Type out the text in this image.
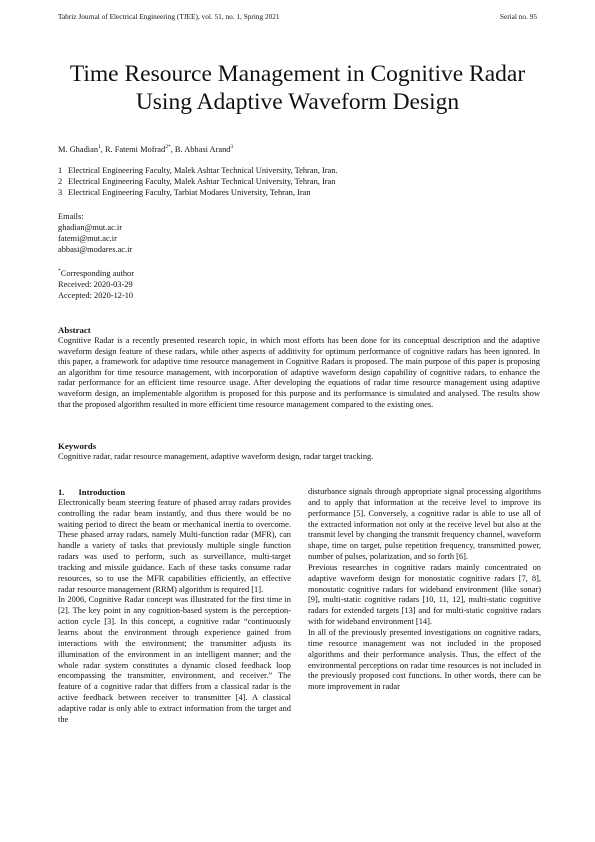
Tabriz Journal of Electrical Engineering (TJEE), vol. 51, no. 1, Spring 2021	Serial no. 95
Time Resource Management in Cognitive Radar
Using Adaptive Waveform Design
M. Ghadian$^1$, R. Fatemi Mofrad$^{2*}$, B. Abbasi Arand$^3$
1 Electrical Engineering Faculty, Malek Ashtar Technical University, Tehran, Iran.
2 Electrical Engineering Faculty, Malek Ashtar Technical University, Tehran, Iran
3 Electrical Engineering Faculty, Tarbiat Modares University, Tehran, Iran
Emails:
ghadian@mut.ac.ir
fatemi@mut.ac.ir
abbasi@modares.ac.ir
*Corresponding author
Received: 2020-03-29
Accepted: 2020-12-10
Abstract
Cognitive Radar is a recently presented research topic, in which most efforts has been done for its conceptual description and the adaptive waveform design feature of these radars, while other aspects of additivity for optimum performance of cognitive radars has been ignored. In this paper, a framework for adaptive time resource management in Cognitive Radars is proposed. The main purpose of this paper is proposing an algorithm for time resource management, with incorporation of adaptive waveform design capability of cognitive radars, to enhance the radar performance for an efficient time resource usage. After developing the equations of radar time resource management using adaptive waveform design, an implementable algorithm is proposed for this purpose and its performance is simulated and analysed. The results show that the proposed algorithm resulted in more efficient time resource management compared to the existing ones.
Keywords
Cognitive radar, radar resource management, adaptive waveform design, radar target tracking.
1. Introduction

Electronically beam steering feature of phased array radars provides controlling the radar beam instantly, and thus there would be no waiting period to direct the beam or mechanical inertia to overcome. These phased array radars, namely Multi-function radar (MFR), can handle a variety of tasks that previously multiple single function radars was used to perform, such as surveillance, multi-target tracking and missile guidance. Each of these tasks consume radar resources, so to use the MFR capabilities efficiently, an effective radar resource management (RRM) algorithm is required [1].

In 2006, Cognitive Radar concept was illustrated for the first time in [2]. The key point in any cognition-based system is the perception-action cycle [3]. In this concept, a cognitive radar “continuously learns about the environment through experience gained from interactions with the environment; the transmitter adjusts its illumination of the environment in an intelligent manner; and the whole radar system constitutes a dynamic closed feedback loop encompassing the transmitter, environment, and receiver.” The feature of a cognitive radar that differs from a classical radar is the active feedback between receiver to transmitter [4]. A classical adaptive radar is only able to extract information from the target and the

disturbance signals through appropriate signal processing algorithms and to apply that information at the receive level to improve its performance [5]. Conversely, a cognitive radar is able to use all of the extracted information not only at the receive level but also at the transmit level by changing the transmit frequency channel, waveform shape, time on target, pulse repetition frequency, transmitted power, number of pulses, polarization, and so forth [6].

Previous researches in cognitive radars mainly concentrated on adaptive waveform design for monostatic cognitive radars [7, 8], monostatic cognitive radars for wideband environment (like sonar) [9], multi-static cognitive radars [10, 11, 12], multi-static cognitive radars for extended targets [13] and for multi-static cognitive radars with for wideband environment [14].

In all of the previously presented investigations on cognitive radars, time resource management was not included in the proposed algorithms and their performance analysis. Thus, the effect of the environmental perceptions on radar time resources is not included in the previously proposed cost functions. In other words, there can be more improvement in radar
